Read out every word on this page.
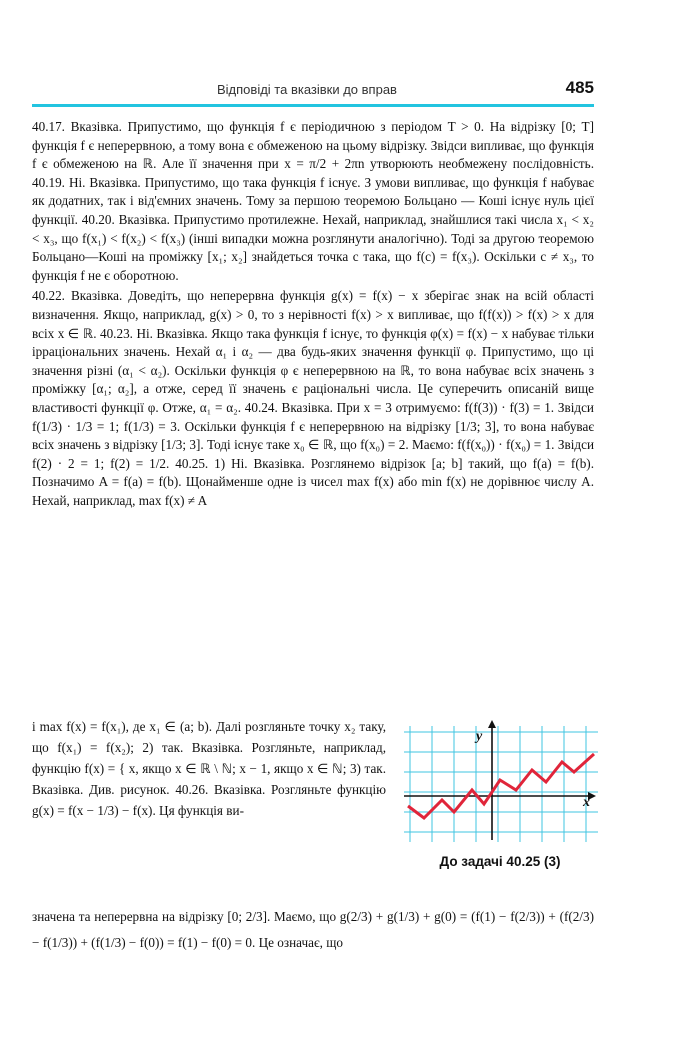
Відповіді та вказівки до вправ	485

40.17. Вказівка. Припустимо, що функція f є періодичною з періодом T > 0. На відрізку [0; T] функція f є неперервною, а тому вона є обмеженою на цьому відрізку. Звідси випливає, що функція f є обмеженою на ℝ. Але її значення при x = π/2 + 2πn утворюють необмежену послідовність. 40.19. Ні. Вказівка. Припустимо, що така функція f існує. З умови випливає, що функція f набуває як додатних, так і від'ємних значень. Тому за першою теоремою Больцано — Коші існує нуль цієї функції. 40.20. Вказівка. Припустимо протилежне. Нехай, наприклад, знайшлися такі числа x₁ < x₂ < x₃, що f(x₁) < f(x₂) < f(x₃) (інші випадки можна розглянути аналогічно). Тоді за другою теоремою Больцано—Коші на проміжку [x₁; x₂] знайдеться точка c така, що f(c) = f(x₃). Оскільки c ≠ x₃, то функція f не є оборотною.

40.22. Вказівка. Доведіть, що неперервна функція g(x) = f(x) − x зберігає знак на всій області визначення. Якщо, наприклад, g(x) > 0, то з нерівності f(x) > x випливає, що f(f(x)) > f(x) > x для всіх x ∈ ℝ. 40.23. Ні. Вказівка. Якщо така функція f існує, то функція φ(x) = f(x) − x набуває тільки ірраціональних значень. Нехай α₁ і α₂ — два будь-яких значення функції φ. Припустимо, що ці значення різні (α₁ < α₂). Оскільки функція φ є неперервною на ℝ, то вона набуває всіх значень з проміжку [α₁; α₂], а отже, серед її значень є раціональні числа. Це суперечить описаній вище властивості функції φ. Отже, α₁ = α₂. 40.24. Вказівка. При x = 3 отримуємо: f(f(3)) · f(3) = 1. Звідси f(1/3) · 1/3 = 1; f(1/3) = 3. Оскільки функція f є неперервною на відрізку [1/3; 3], то вона набуває всіх значень з відрізку [1/3; 3]. Тоді існує таке x₀ ∈ ℝ, що f(x₀) = 2. Маємо: f(f(x₀)) · f(x₀) = 1. Звідси f(2) · 2 = 1; f(2) = 1/2. 40.25. 1) Ні. Вказівка. Розглянемо відрізок [a; b] такий, що f(a) = f(b). Позначимо A = f(a) = f(b). Щонайменше одне із чисел max f(x) або min f(x) не дорівнює числу A. Нехай, наприклад, max f(x) ≠ A

і max f(x) = f(x₁), де x₁ ∈ (a; b). Далі розгляньте точку x₂ таку, що f(x₁) = f(x₂); 2) так. Вказівка. Розгляньте, наприклад, функцію f(x) = { x, якщо x ∈ ℝ \ ℕ; x − 1, якщо x ∈ ℕ; 3) так. Вказівка. Див. рисунок. 40.26. Вказівка. Розгляньте функцію g(x) = f(x − 1/3) − f(x). Ця функція ви-
y
x
До задачі 40.25 (3)
значена та неперервна на відрізку [0; 2/3]. Маємо, що g(2/3) + g(1/3) + g(0) = (f(1) − f(2/3)) + (f(2/3) − f(1/3)) + (f(1/3) − f(0)) = f(1) − f(0) = 0. Це означає, що
